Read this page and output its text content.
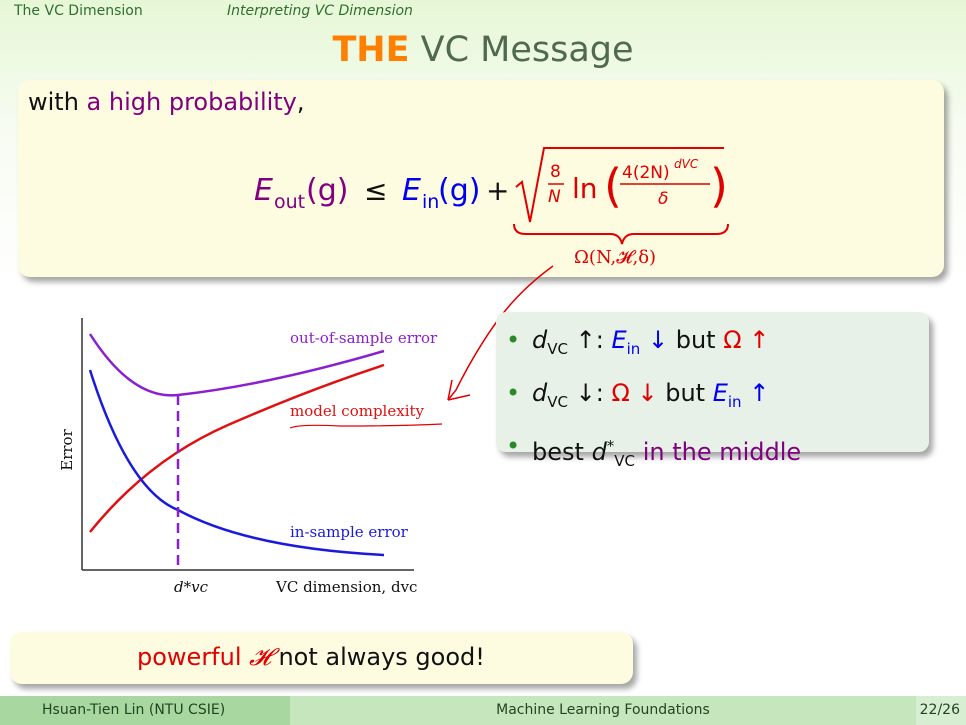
The VC Dimension	Interpreting VC Dimension
THE VC Message
with a high probability,
E out (g) ≤ E in
(g) +
8
N ln ( 4(2N) dVC
δ )
Ω(N,𝓗,δ)
Error
d*vc	VC dimension, dvc
out-of-sample error
model complexity
in-sample error
• $d_{VC}$ ↑: $E_{in}$ ↓ but Ω ↑
• $d_{VC}$ ↓: Ω ↓ but $E_{in}$ ↑
• best $d^*_{VC}$ in the middle
powerful 𝓗 not always good!
Hsuan-Tien Lin (NTU CSIE)	Machine Learning Foundations	22/26
